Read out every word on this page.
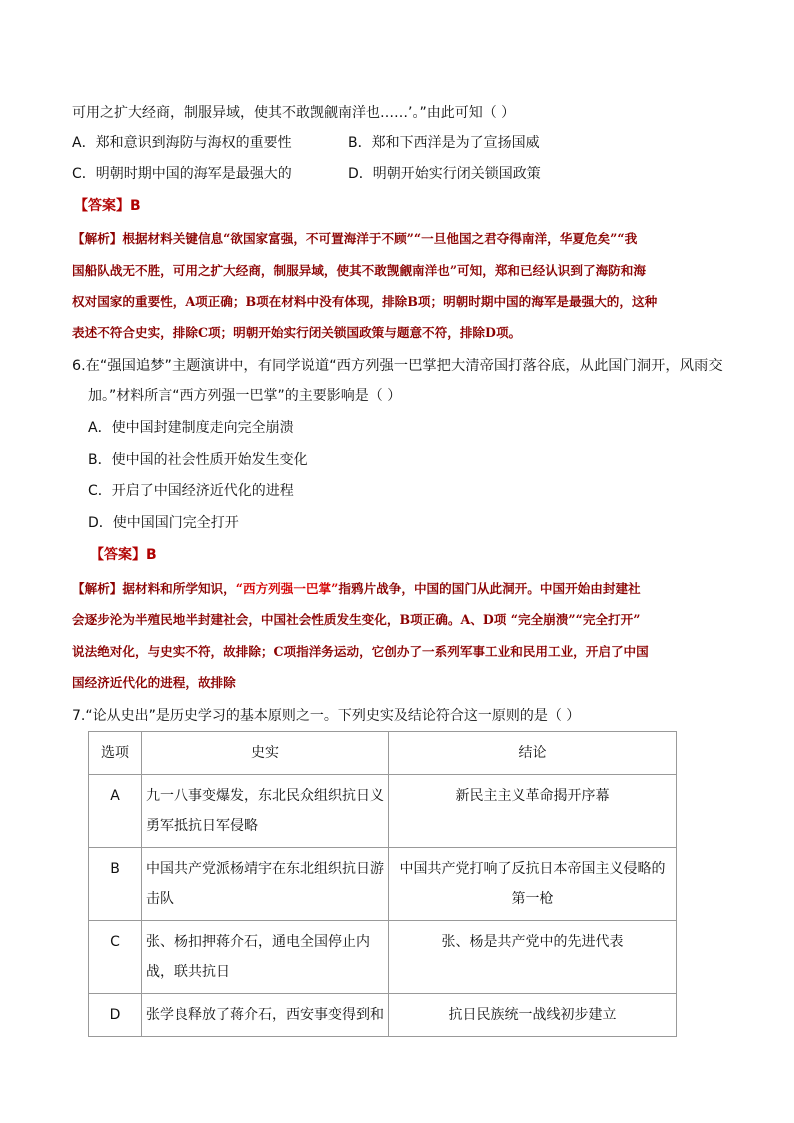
可用之扩大经商，制服异域，使其不敢觊觎南洋也……’。”由此可知（ ）
A．郑和意识到海防与海权的重要性	B．郑和下西洋是为了宣扬国威
C．明朝时期中国的海军是最强大的	D．明朝开始实行闭关锁国政策
【答案】B
【解析】根据材料关键信息“欲国家富强，不可置海洋于不顾”“一旦他国之君夺得南洋，华夏危矣”“我
国船队战无不胜，可用之扩大经商，制服异域，使其不敢觊觎南洋也”可知，郑和已经认识到了海防和海
权对国家的重要性，A项正确；B项在材料中没有体现，排除B项；明朝时期中国的海军是最强大的，这种
表述不符合史实，排除C项；明朝开始实行闭关锁国政策与题意不符，排除D项。
6.在“强国追梦”主题演讲中，有同学说道“西方列强一巴掌把大清帝国打落谷底，从此国门洞开，风雨交
加。”材料所言“西方列强一巴掌”的主要影响是（ ）
A．使中国封建制度走向完全崩溃
B．使中国的社会性质开始发生变化
C．开启了中国经济近代化的进程
D．使中国国门完全打开
【答案】B
【解析】据材料和所学知识，“西方列强一巴掌”指鸦片战争，中国的国门从此洞开。中国开始由封建社
会逐步沦为半殖民地半封建社会，中国社会性质发生变化，B项正确。A、D项 “完全崩溃”“完全打开”
说法绝对化，与史实不符，故排除；C项指洋务运动，它创办了一系列军事工业和民用工业，开启了中国
国经济近代化的进程，故排除
7.“论从史出”是历史学习的基本原则之一。下列史实及结论符合这一原则的是（ ）
选项	史实	结论
A	九一八事变爆发，东北民众组织抗日义勇军抵抗日军侵略	新民主主义革命揭开序幕
B	中国共产党派杨靖宇在东北组织抗日游击队	中国共产党打响了反抗日本帝国主义侵略的第一枪
C	张、杨扣押蒋介石，通电全国停止内战，联共抗日	张、杨是共产党中的先进代表
D	张学良释放了蒋介石，西安事变得到和	抗日民族统一战线初步建立
